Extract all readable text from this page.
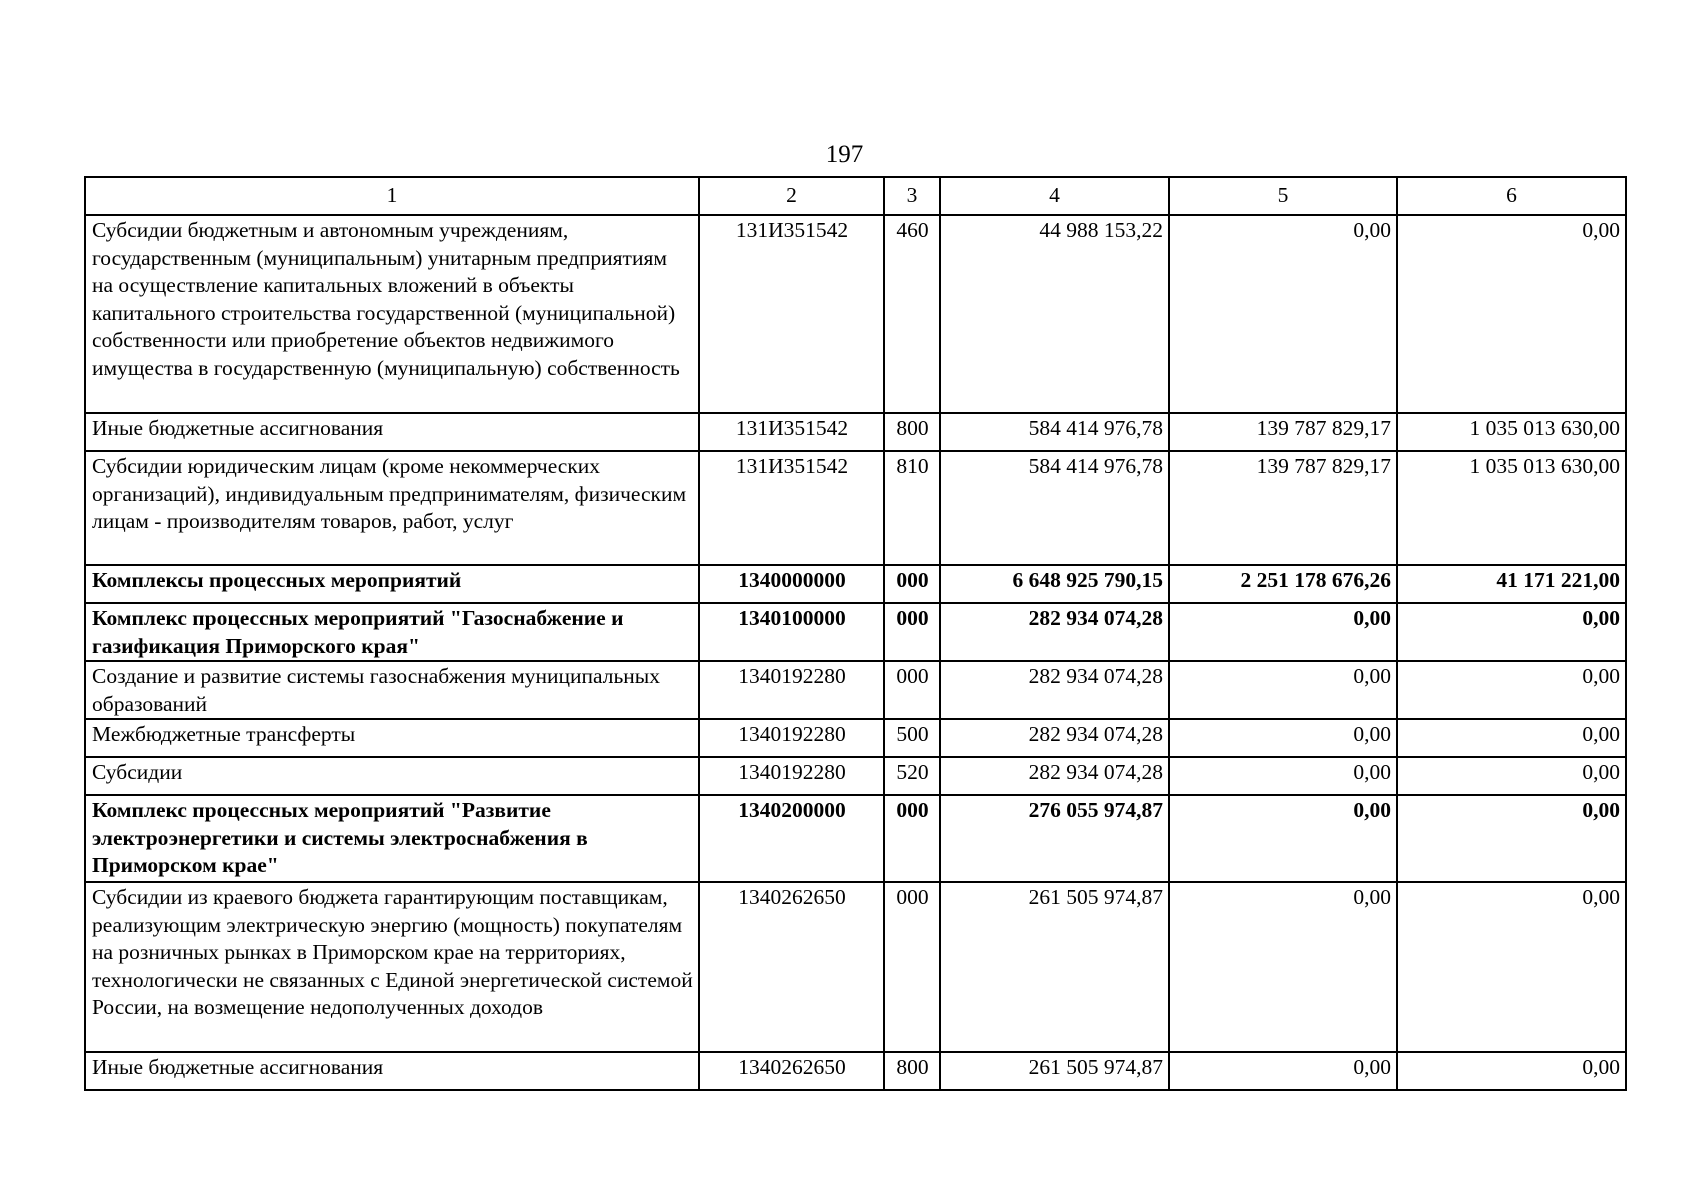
197
1	2	3	4	5	6
Субсидии бюджетным и автономным учреждениям, государственным (муниципальным) унитарным предприятиям на осуществление капитальных вложений в объекты капитального строительства государственной (муниципальной) собственности или приобретение объектов недвижимого имущества в государственную (муниципальную) собственность	131И351542	460	44 988 153,22	0,00	0,00
Иные бюджетные ассигнования	131И351542	800	584 414 976,78	139 787 829,17	1 035 013 630,00
Субсидии юридическим лицам (кроме некоммерческих организаций), индивидуальным предпринимателям, физическим лицам - производителям товаров, работ, услуг	131И351542	810	584 414 976,78	139 787 829,17	1 035 013 630,00
Комплексы процессных мероприятий	1340000000	000	6 648 925 790,15	2 251 178 676,26	41 171 221,00
Комплекс процессных мероприятий "Газоснабжение и газификация Приморского края"	1340100000	000	282 934 074,28	0,00	0,00
Создание и развитие системы газоснабжения муниципальных образований	1340192280	000	282 934 074,28	0,00	0,00
Межбюджетные трансферты	1340192280	500	282 934 074,28	0,00	0,00
Субсидии	1340192280	520	282 934 074,28	0,00	0,00
Комплекс процессных мероприятий "Развитие электроэнергетики и системы электроснабжения в Приморском крае"	1340200000	000	276 055 974,87	0,00	0,00
Субсидии из краевого бюджета гарантирующим поставщикам, реализующим электрическую энергию (мощность) покупателям на розничных рынках в Приморском крае на территориях, технологически не связанных с Единой энергетической системой России, на возмещение недополученных доходов	1340262650	000	261 505 974,87	0,00	0,00
Иные бюджетные ассигнования	1340262650	800	261 505 974,87	0,00	0,00
